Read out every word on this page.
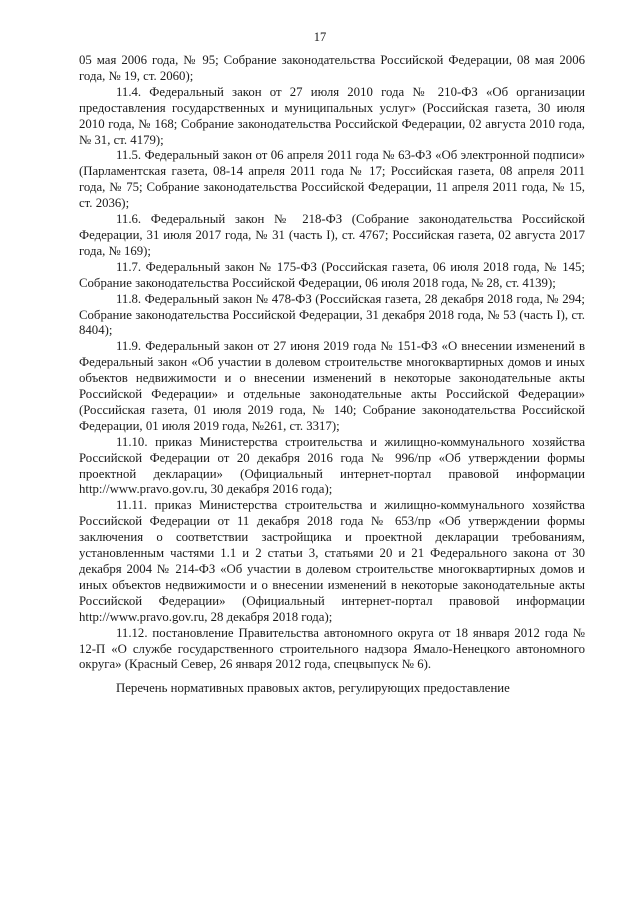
17

05 мая 2006 года, № 95; Собрание законодательства Российской Федерации, 08 мая 2006 года, № 19, ст. 2060);

11.4. Федеральный закон от 27 июля 2010 года № 210-ФЗ «Об организации предоставления государственных и муниципальных услуг» (Российская газета, 30 июля 2010 года, № 168; Собрание законодательства Российской Федерации, 02 августа 2010 года, № 31, ст. 4179);

11.5. Федеральный закон от 06 апреля 2011 года № 63-ФЗ «Об электронной подписи» (Парламентская газета, 08-14 апреля 2011 года № 17; Российская газета, 08 апреля 2011 года, № 75; Собрание законодательства Российской Федерации, 11 апреля 2011 года, № 15, ст. 2036);

11.6. Федеральный закон № 218-ФЗ (Собрание законодательства Российской Федерации, 31 июля 2017 года, № 31 (часть I), ст. 4767; Российская газета, 02 августа 2017 года, № 169);

11.7. Федеральный закон № 175-ФЗ (Российская газета, 06 июля 2018 года, № 145; Собрание законодательства Российской Федерации, 06 июля 2018 года, № 28, ст. 4139);

11.8. Федеральный закон № 478-ФЗ (Российская газета, 28 декабря 2018 года, № 294; Собрание законодательства Российской Федерации, 31 декабря 2018 года, № 53 (часть I), ст. 8404);

11.9. Федеральный закон от 27 июня 2019 года № 151-ФЗ «О внесении изменений в Федеральный закон «Об участии в долевом строительстве многоквартирных домов и иных объектов недвижимости и о внесении изменений в некоторые законодательные акты Российской Федерации» и отдельные законодательные акты Российской Федерации» (Российская газета, 01 июля 2019 года, № 140; Собрание законодательства Российской Федерации, 01 июля 2019 года, №261, ст. 3317);

11.10. приказ Министерства строительства и жилищно-коммунального хозяйства Российской Федерации от 20 декабря 2016 года № 996/пр «Об утверждении формы проектной декларации» (Официальный интернет-портал правовой информации http://www.pravo.gov.ru, 30 декабря 2016 года);

11.11. приказ Министерства строительства и жилищно-коммунального хозяйства Российской Федерации от 11 декабря 2018 года № 653/пр «Об утверждении формы заключения о соответствии застройщика и проектной декларации требованиям, установленным частями 1.1 и 2 статьи 3, статьями 20 и 21 Федерального закона от 30 декабря 2004 № 214-ФЗ «Об участии в долевом строительстве многоквартирных домов и иных объектов недвижимости и о внесении изменений в некоторые законодательные акты Российской Федерации» (Официальный интернет-портал правовой информации http://www.pravo.gov.ru, 28 декабря 2018 года);

11.12. постановление Правительства автономного округа от 18 января 2012 года № 12-П «О службе государственного строительного надзора Ямало-Ненецкого автономного округа» (Красный Север, 26 января 2012 года, спецвыпуск № 6).

Перечень нормативных правовых актов, регулирующих предоставление
